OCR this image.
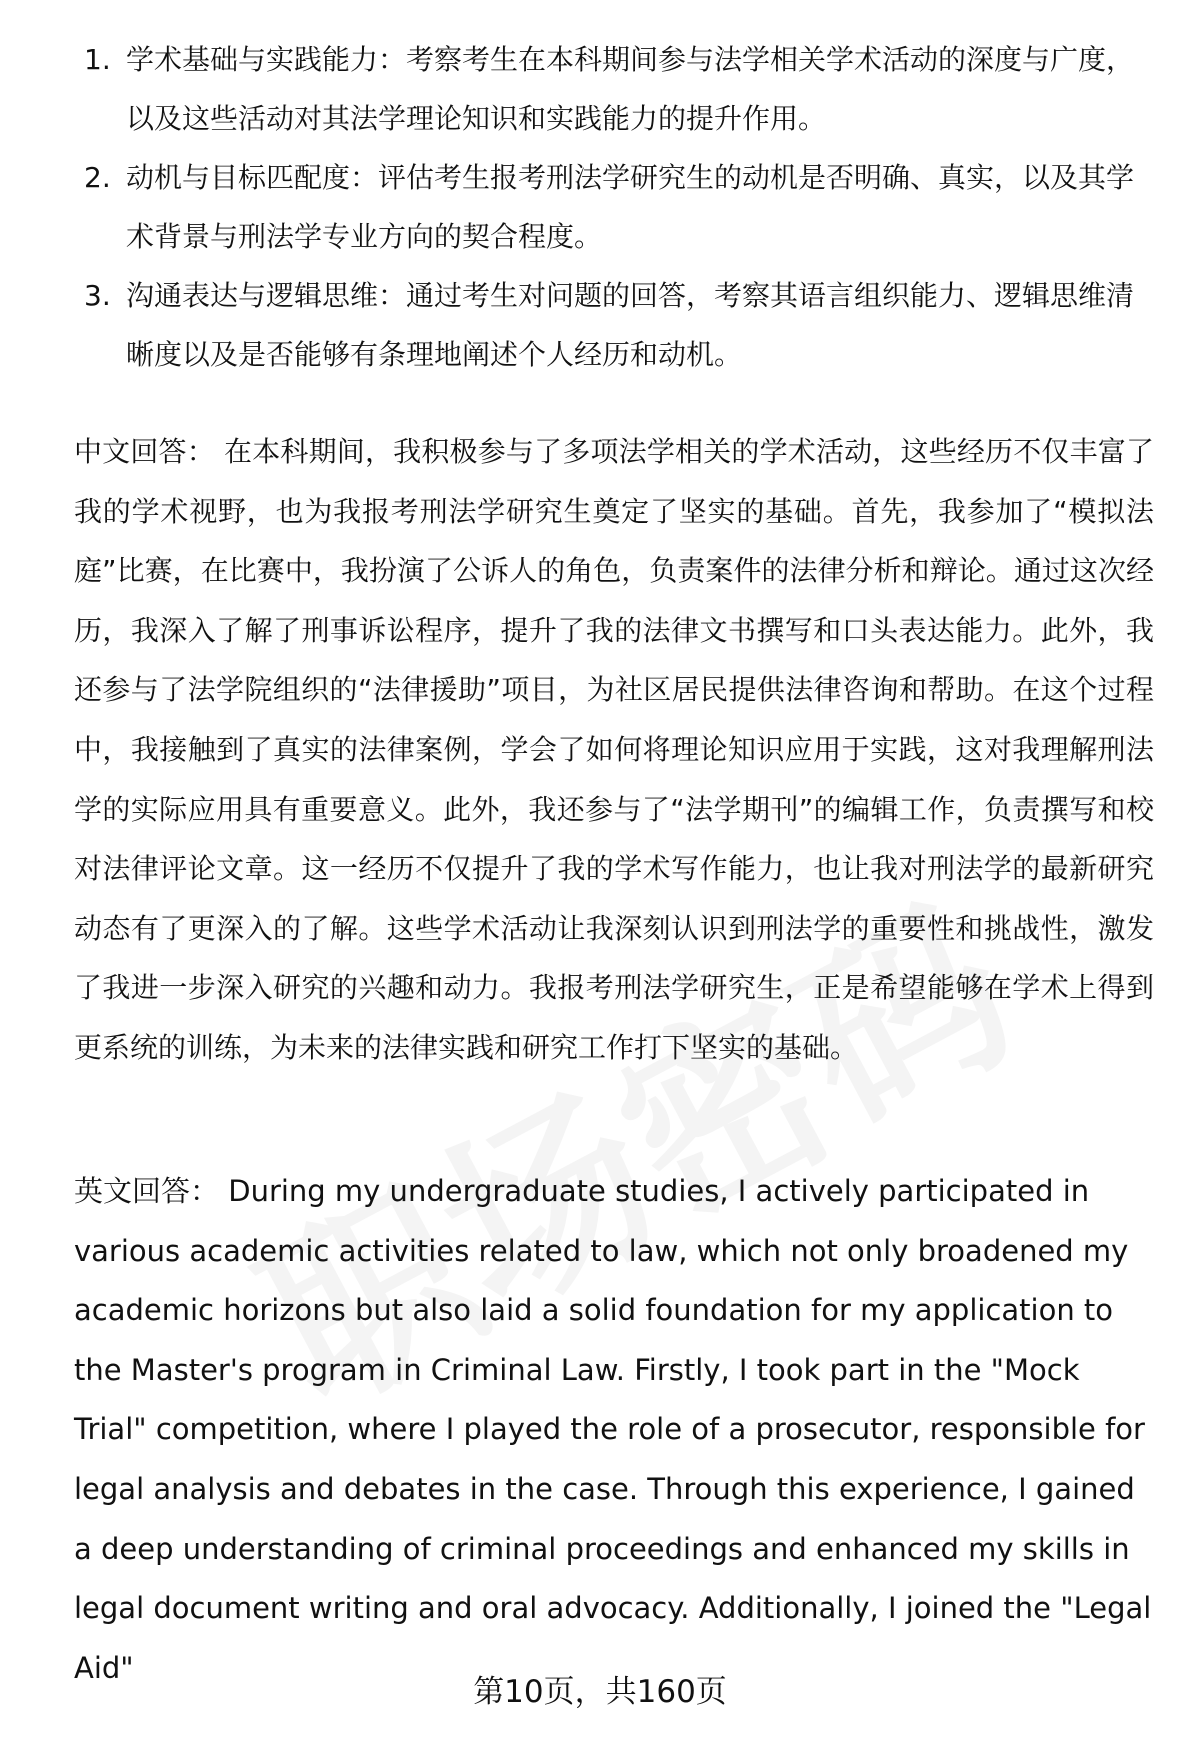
1. 学术基础与实践能力：考察考生在本科期间参与法学相关学术活动的深度与广度，以及这些活动对其法学理论知识和实践能力的提升作用。
2. 动机与目标匹配度：评估考生报考刑法学研究生的动机是否明确、真实，以及其学术背景与刑法学专业方向的契合程度。
3. 沟通表达与逻辑思维：通过考生对问题的回答，考察其语言组织能力、逻辑思维清晰度以及是否能够有条理地阐述个人经历和动机。

中文回答： 在本科期间，我积极参与了多项法学相关的学术活动，这些经历不仅丰富了我的学术视野，也为我报考刑法学研究生奠定了坚实的基础。首先，我参加了“模拟法庭”比赛，在比赛中，我扮演了公诉人的角色，负责案件的法律分析和辩论。通过这次经历，我深入了解了刑事诉讼程序，提升了我的法律文书撰写和口头表达能力。此外，我还参与了法学院组织的“法律援助”项目，为社区居民提供法律咨询和帮助。在这个过程中，我接触到了真实的法律案例，学会了如何将理论知识应用于实践，这对我理解刑法学的实际应用具有重要意义。此外，我还参与了“法学期刊”的编辑工作，负责撰写和校对法律评论文章。这一经历不仅提升了我的学术写作能力，也让我对刑法学的最新研究动态有了更深入的了解。这些学术活动让我深刻认识到刑法学的重要性和挑战性，激发了我进一步深入研究的兴趣和动力。我报考刑法学研究生，正是希望能够在学术上得到更系统的训练，为未来的法律实践和研究工作打下坚实的基础。

英文回答： During my undergraduate studies, I actively participated in various academic activities related to law, which not only broadened my academic horizons but also laid a solid foundation for my application to the Master's program in Criminal Law. Firstly, I took part in the "Mock Trial" competition, where I played the role of a prosecutor, responsible for legal analysis and debates in the case. Through this experience, I gained a deep understanding of criminal proceedings and enhanced my skills in legal document writing and oral advocacy. Additionally, I joined the "Legal Aid"

第10页，共160页
